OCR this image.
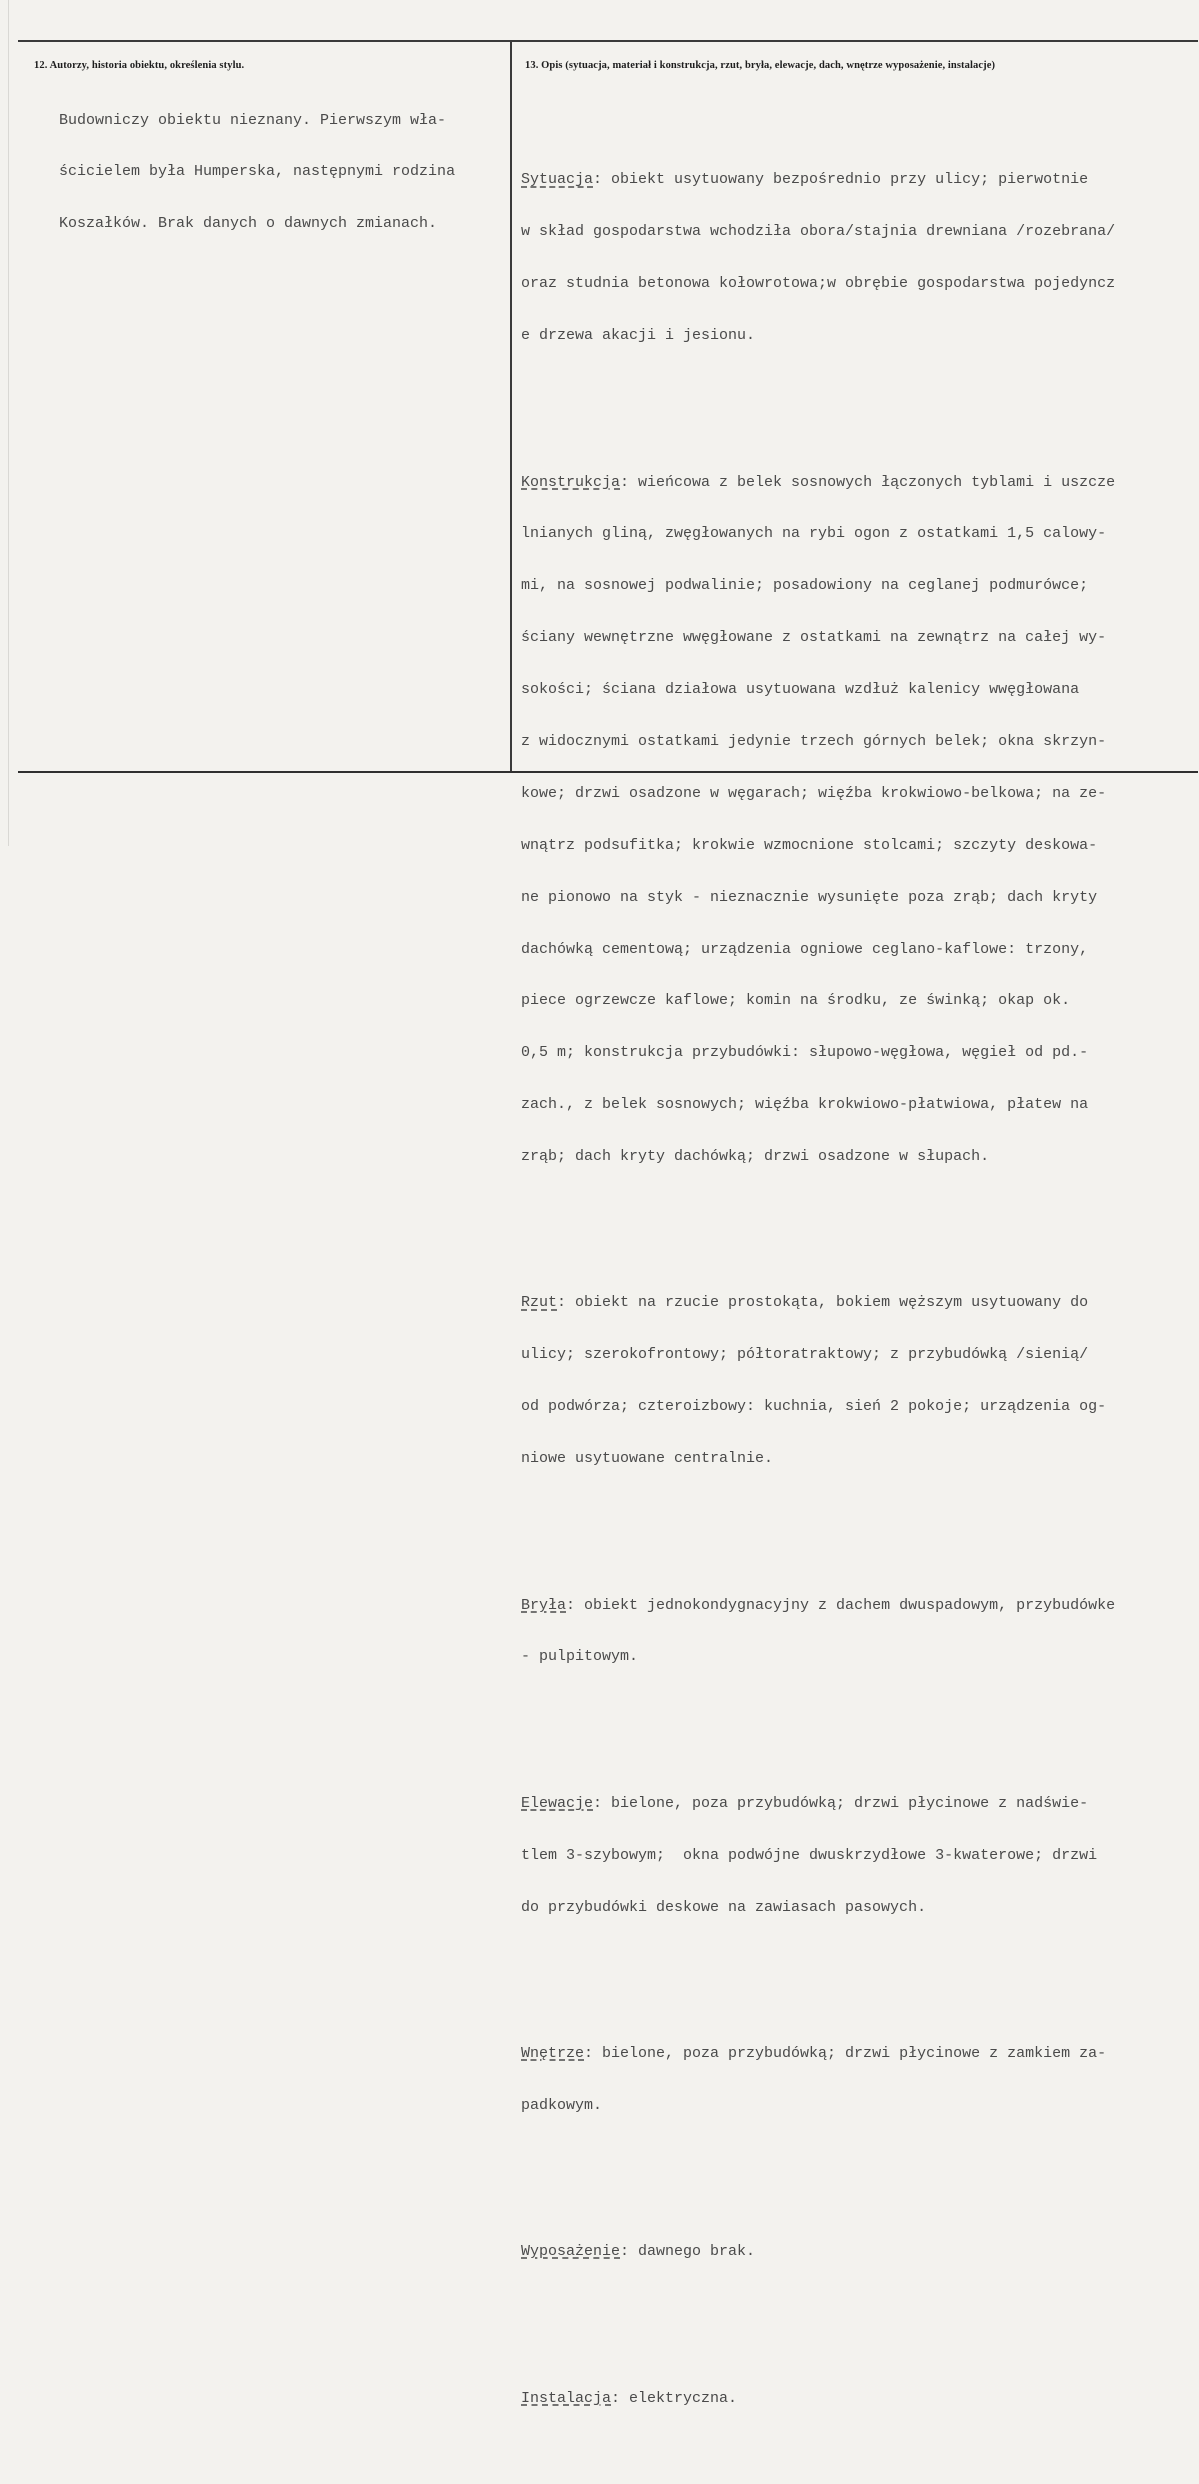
12. Autorzy, historia obiektu, określenia stylu.	13. Opis (sytuacja, materiał i konstrukcja, rzut, bryła, elewacje, dach, wnętrze wyposażenie, instalacje)

Budowniczy obiektu nieznany. Pierwszym wła-

ścicielem była Humperska, następnymi rodzina

Koszałków. Brak danych o dawnych zmianach.

Sytuacja: obiekt usytuowany bezpośrednio przy ulicy; pierwotnie

w skład gospodarstwa wchodziła obora/stajnia drewniana /rozebrana/

oraz studnia betonowa kołowrotowa;w obrębie gospodarstwa pojedyncz

e drzewa akacji i jesionu.

Konstrukcja: wieńcowa z belek sosnowych łączonych tyblami i uszcze

lnianych gliną, zwęgłowanych na rybi ogon z ostatkami 1,5 calowy-

mi, na sosnowej podwalinie; posadowiony na ceglanej podmurówce;

ściany wewnętrzne wwęgłowane z ostatkami na zewnątrz na całej wy-

sokości; ściana działowa usytuowana wzdłuż kalenicy wwęgłowana

z widocznymi ostatkami jedynie trzech górnych belek; okna skrzyn-

kowe; drzwi osadzone w węgarach; więźba krokwiowo-belkowa; na ze-

wnątrz podsufitka; krokwie wzmocnione stolcami; szczyty deskowa-

ne pionowo na styk - nieznacznie wysunięte poza zrąb; dach kryty

dachówką cementową; urządzenia ogniowe ceglano-kaflowe: trzony,

piece ogrzewcze kaflowe; komin na środku, ze świnką; okap ok.

0,5 m; konstrukcja przybudówki: słupowo-węgłowa, węgieł od pd.-

zach., z belek sosnowych; więźba krokwiowo-płatwiowa, płatew na

zrąb; dach kryty dachówką; drzwi osadzone w słupach.

Rzut: obiekt na rzucie prostokąta, bokiem węższym usytuowany do

ulicy; szerokofrontowy; półtoratraktowy; z przybudówką /sienią/

od podwórza; czteroizbowy: kuchnia, sień 2 pokoje; urządzenia og-

niowe usytuowane centralnie.

Bryła: obiekt jednokondygnacyjny z dachem dwuspadowym, przybudówke

- pulpitowym.

Elewacje: bielone, poza przybudówką; drzwi płycinowe z nadświe-

tlem 3-szybowym;  okna podwójne dwuskrzydłowe 3-kwaterowe; drzwi

do przybudówki deskowe na zawiasach pasowych.

Wnętrze: bielone, poza przybudówką; drzwi płycinowe z zamkiem za-

padkowym.

Wyposażenie: dawnego brak.

Instalacja: elektryczna.
